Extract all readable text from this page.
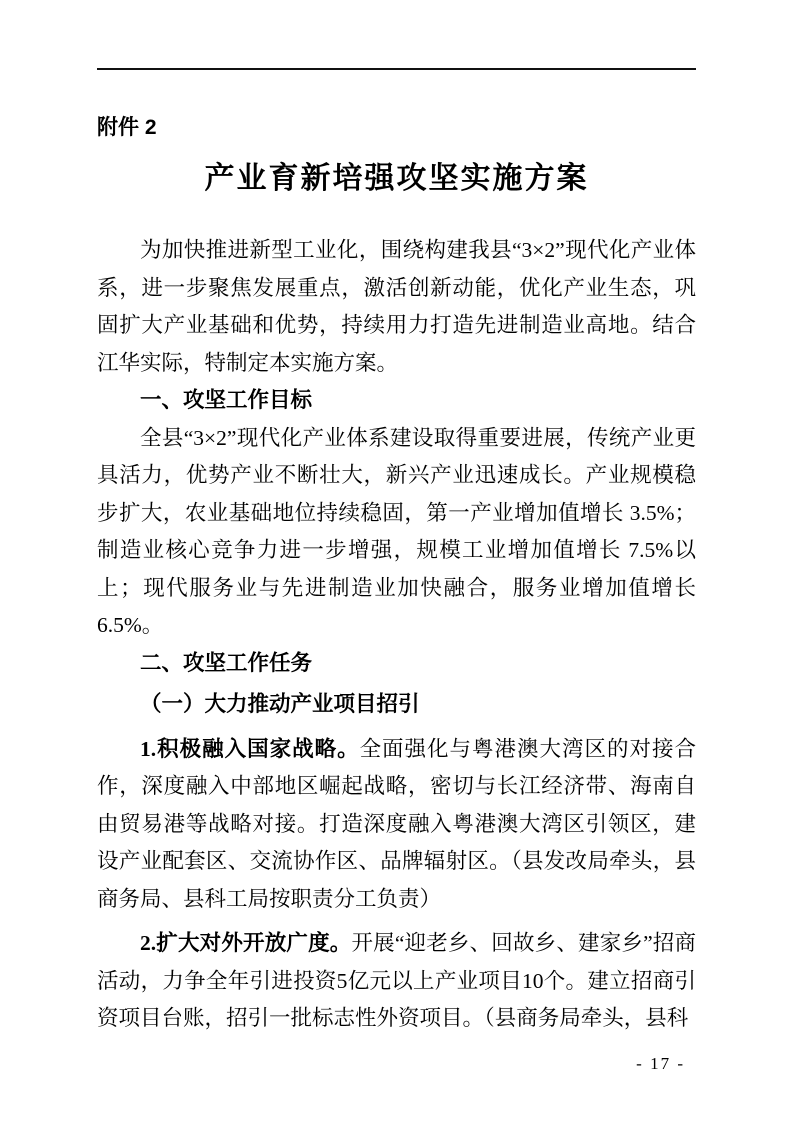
附件 2
产业育新培强攻坚实施方案

为加快推进新型工业化，围绕构建我县“3×2”现代化产业体系，进一步聚焦发展重点，激活创新动能，优化产业生态，巩固扩大产业基础和优势，持续用力打造先进制造业高地。结合江华实际，特制定本实施方案。

一、攻坚工作目标

全县“3×2”现代化产业体系建设取得重要进展，传统产业更具活力，优势产业不断壮大，新兴产业迅速成长。产业规模稳步扩大，农业基础地位持续稳固，第一产业增加值增长 3.5%；制造业核心竞争力进一步增强，规模工业增加值增长 7.5%以上；现代服务业与先进制造业加快融合，服务业增加值增长 6.5%。

二、攻坚工作任务

（一）大力推动产业项目招引

1.积极融入国家战略。全面强化与粤港澳大湾区的对接合作，深度融入中部地区崛起战略，密切与长江经济带、海南自由贸易港等战略对接。打造深度融入粤港澳大湾区引领区，建设产业配套区、交流协作区、品牌辐射区。（县发改局牵头，县商务局、县科工局按职责分工负责）

2.扩大对外开放广度。开展“迎老乡、回故乡、建家乡”招商活动，力争全年引进投资5亿元以上产业项目10个。建立招商引资项目台账，招引一批标志性外资项目。（县商务局牵头，县科

- 17 -
